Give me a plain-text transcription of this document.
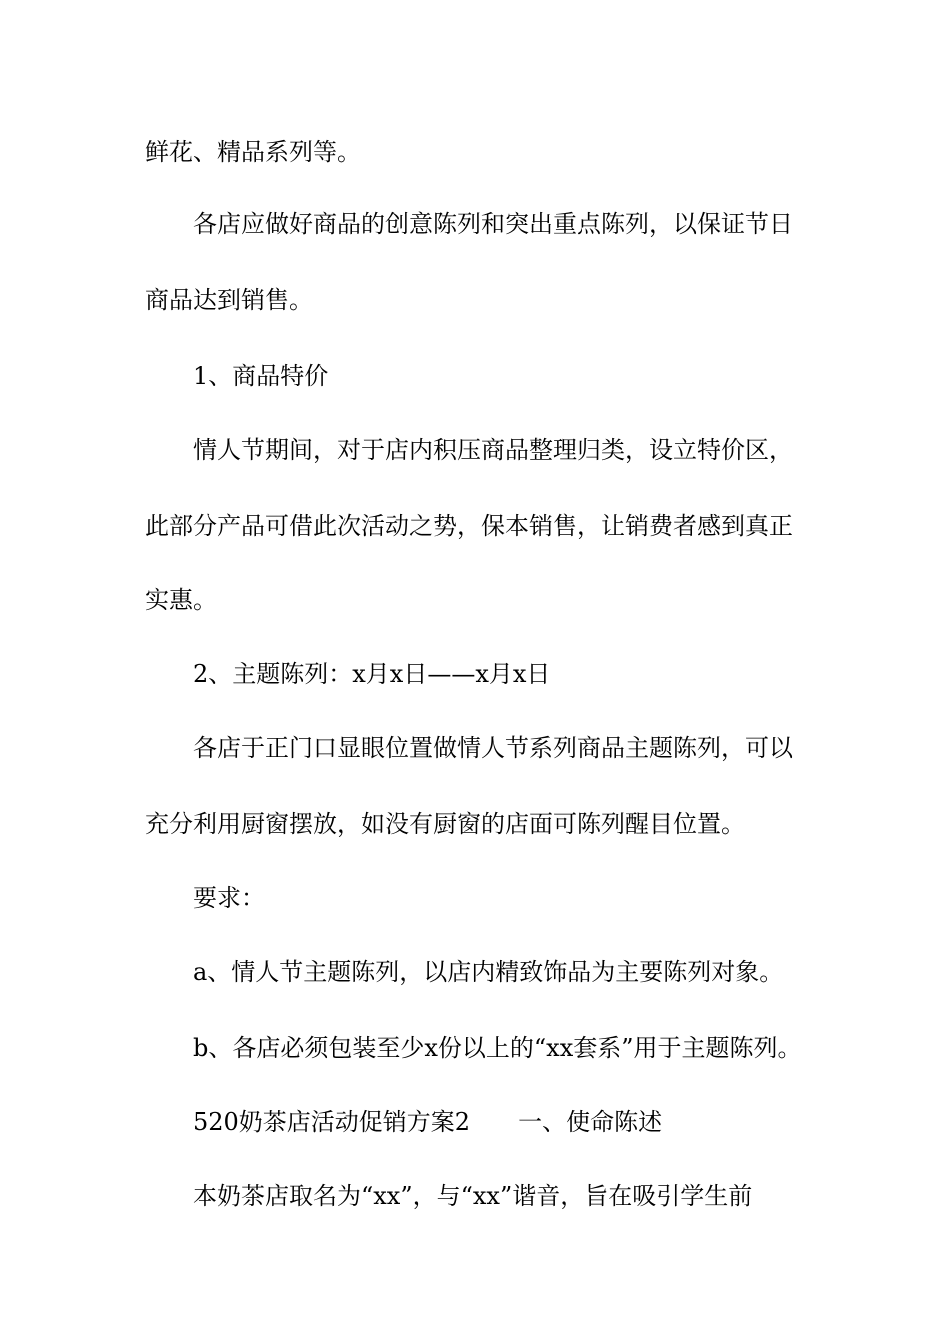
鲜花、精品系列等。
各店应做好商品的创意陈列和突出重点陈列，以保证节日
商品达到销售。
1、商品特价
情人节期间，对于店内积压商品整理归类，设立特价区，
此部分产品可借此次活动之势，保本销售，让销费者感到真正
实惠。
2、主题陈列：x月x日——x月x日
各店于正门口显眼位置做情人节系列商品主题陈列，可以
充分利用厨窗摆放，如没有厨窗的店面可陈列醒目位置。
要求：
a、情人节主题陈列，以店内精致饰品为主要陈列对象。
b、各店必须包装至少x份以上的“xx套系”用于主题陈列。
520奶茶店活动促销方案2 一、使命陈述
本奶茶店取名为“xx”，与“xx”谐音，旨在吸引学生前
